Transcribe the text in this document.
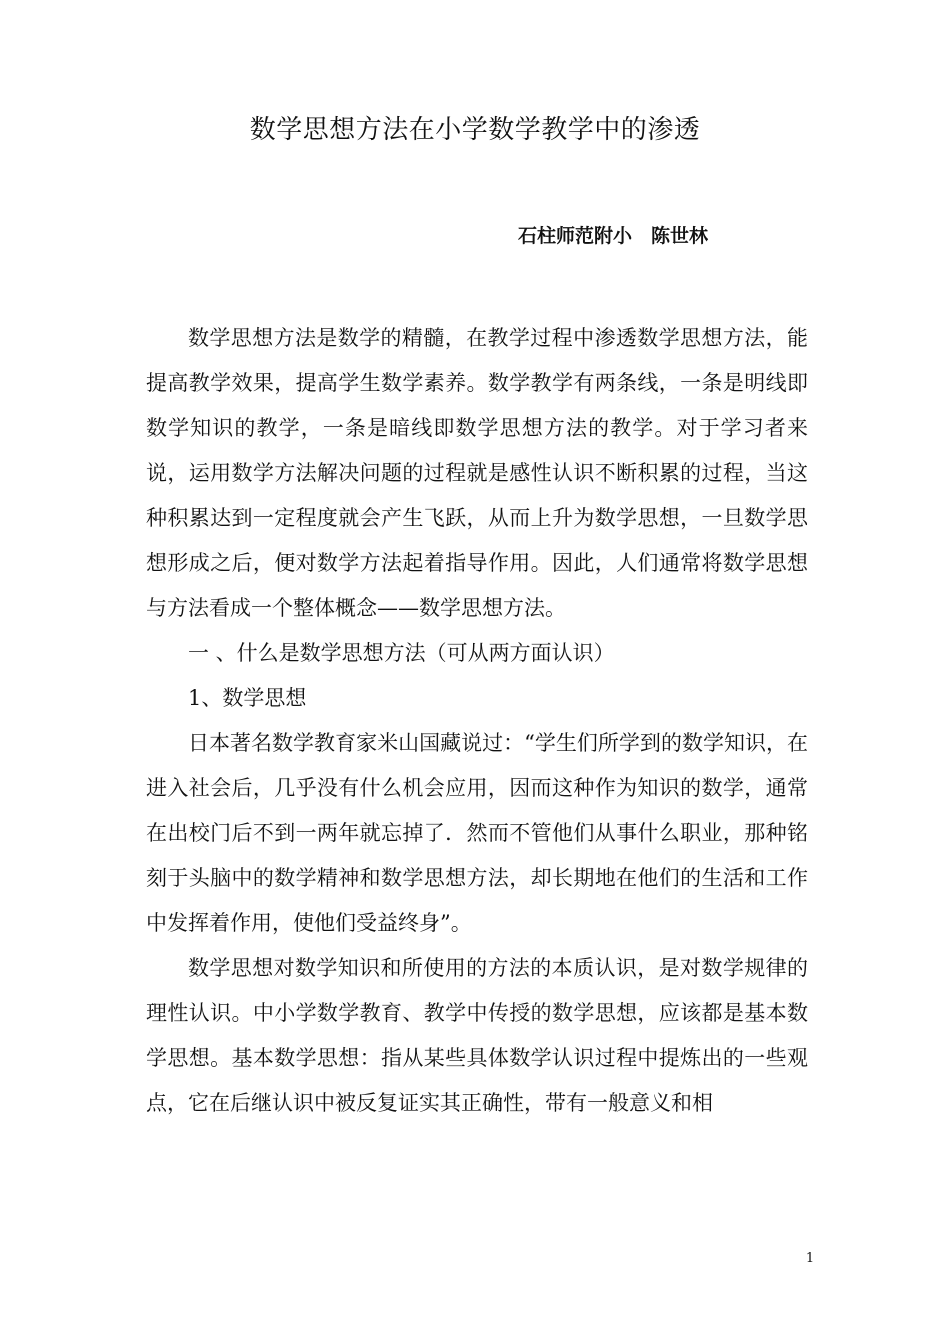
数学思想方法在小学数学教学中的渗透
石柱师范附小　陈世林

数学思想方法是数学的精髓，在教学过程中渗透数学思想方法，能提高教学效果，提高学生数学素养。数学教学有两条线，一条是明线即数学知识的教学，一条是暗线即数学思想方法的教学。对于学习者来说，运用数学方法解决问题的过程就是感性认识不断积累的过程，当这种积累达到一定程度就会产生飞跃，从而上升为数学思想，一旦数学思想形成之后，便对数学方法起着指导作用。因此，人们通常将数学思想与方法看成一个整体概念——数学思想方法。

一 、什么是数学思想方法（可从两方面认识）

1、数学思想

日本著名数学教育家米山国藏说过：“学生们所学到的数学知识，在进入社会后，几乎没有什么机会应用，因而这种作为知识的数学，通常在出校门后不到一两年就忘掉了．然而不管他们从事什么职业，那种铭刻于头脑中的数学精神和数学思想方法，却长期地在他们的生活和工作中发挥着作用，使他们受益终身”。

数学思想对数学知识和所使用的方法的本质认识，是对数学规律的理性认识。中小学数学教育、教学中传授的数学思想，应该都是基本数学思想。基本数学思想：指从某些具体数学认识过程中提炼出的一些观点，它在后继认识中被反复证实其正确性，带有一般意义和相

1
